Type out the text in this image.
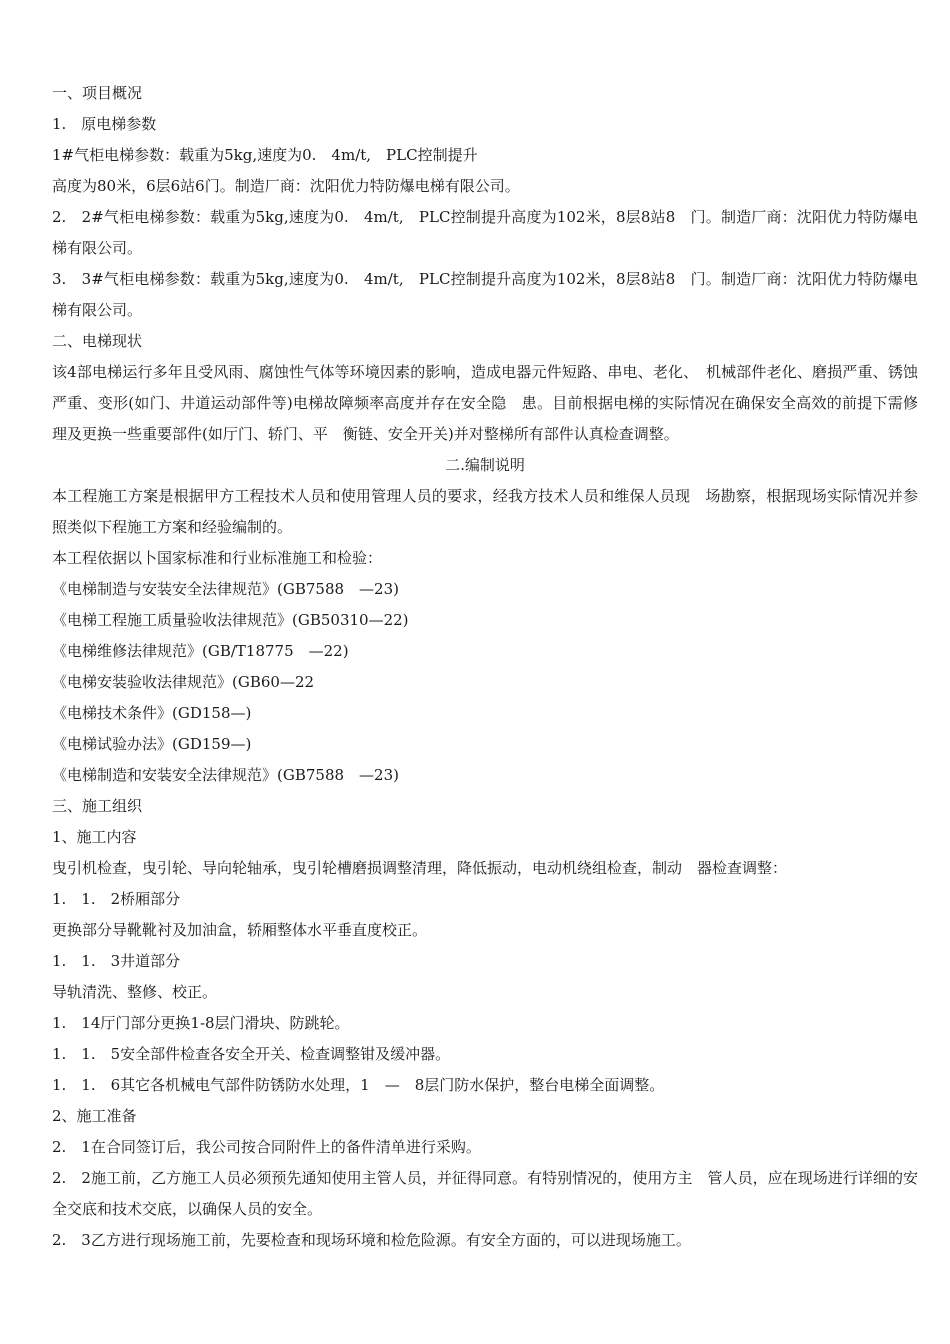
一、项目概况
1.　原电梯参数
1#气柜电梯参数：载重为5kg,速度为0.　4m/t,　PLC控制提升
高度为80米，6层6站6门。制造厂商：沈阳优力特防爆电梯有限公司。
2.　2#气柜电梯参数：载重为5kg,速度为0.　4m/t,　PLC控制提升高度为102米，8层8站8　门。制造厂商：沈阳优力特防爆电梯有限公司。
3.　3#气柜电梯参数：载重为5kg,速度为0.　4m/t,　PLC控制提升高度为102米，8层8站8　门。制造厂商：沈阳优力特防爆电梯有限公司。
二、电梯现状
该4部电梯运行多年且受风雨、腐蚀性气体等环境因素的影响，造成电器元件短路、串电、老化、　机械部件老化、磨损严重、锈蚀严重、变形(如门、井道运动部件等)电梯故障频率高度并存在安全隐　患。目前根据电梯的实际情况在确保安全高效的前提下需修理及更换一些重要部件(如厅门、轿门、平　衡链、安全开关)并对整梯所有部件认真检查调整。
二.编制说明
本工程施工方案是根据甲方工程技术人员和使用管理人员的要求，经我方技术人员和维保人员现　场勘察，根据现场实际情况并参照类似下程施工方案和经验编制的。
本工程依据以卜国家标准和行业标准施工和检验：
《电梯制造与安装安全法律规范》(GB7588　—23)
《电梯工程施工质量验收法律规范》(GB50310—22)
《电梯维修法律规范》(GB/T18775　—22)
《电梯安装验收法律规范》(GB60—22
《电梯技术条件》(GD158—)
《电梯试验办法》(GD159—)
《电梯制造和安装安全法律规范》(GB7588　—23)
三、施工组织
1、施工内容
曳引机检查，曳引轮、导向轮轴承，曳引轮槽磨损调整清理，降低振动，电动机绕组检查，制动　器检查调整：
1.　1.　2桥厢部分
更换部分导靴靴衬及加油盒，轿厢整体水平垂直度校正。
1.　1.　3井道部分
导轨清洗、整修、校正。
1.　14厅门部分更换1-8层门滑块、防跳轮。
1.　1.　5安全部件检查各安全开关、检查调整钳及缓冲器。
1.　1.　6其它各机械电气部件防锈防水处理，1　—　8层门防水保护，整台电梯全面调整。
2、施工准备
2.　1在合同签订后，我公司按合同附件上的备件清单进行采购。
2.　2施工前，乙方施工人员必须预先通知使用主管人员，并征得同意。有特别情况的，使用方主　管人员，应在现场进行详细的安全交底和技术交底，以确保人员的安全。
2.　3乙方进行现场施工前，先要检查和现场环境和检危险源。有安全方面的，可以进现场施工。
